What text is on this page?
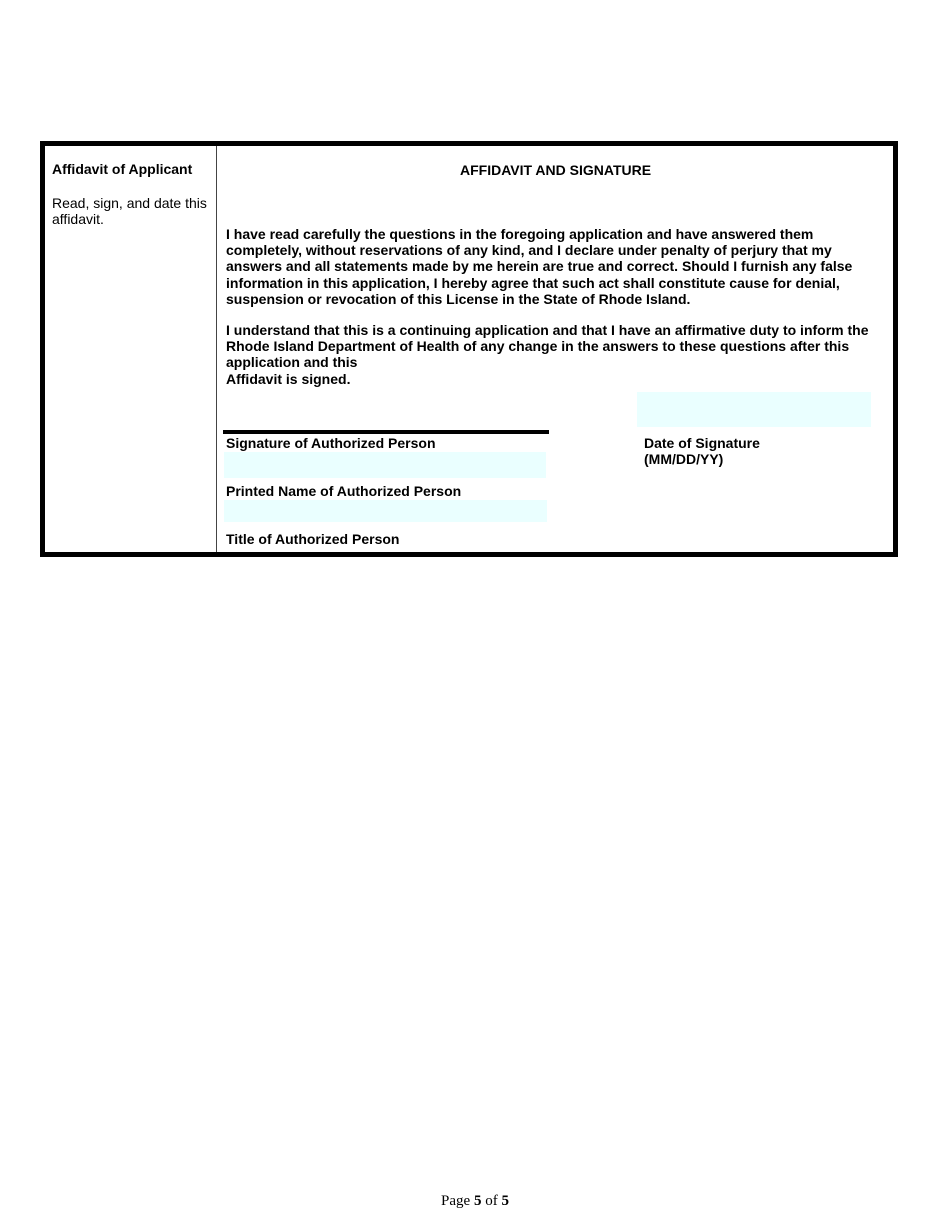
Affidavit of Applicant
Read, sign, and date this affidavit.
AFFIDAVIT AND SIGNATURE

I have read carefully the questions in the foregoing application and have answered them completely, without reservations of any kind, and I declare under penalty of perjury that my answers and all statements made by me herein are true and correct. Should I furnish any false information in this application, I hereby agree that such act shall constitute cause for denial, suspension or revocation of this License in the State of Rhode Island.

I understand that this is a continuing application and that I have an affirmative duty to inform the Rhode Island Department of Health of any change in the answers to these questions after this application and this
Affidavit is signed.

Signature of Authorized Person	Date of Signature
(MM/DD/YY)
Printed Name of Authorized Person
Title of Authorized Person
Page 5 of 5
